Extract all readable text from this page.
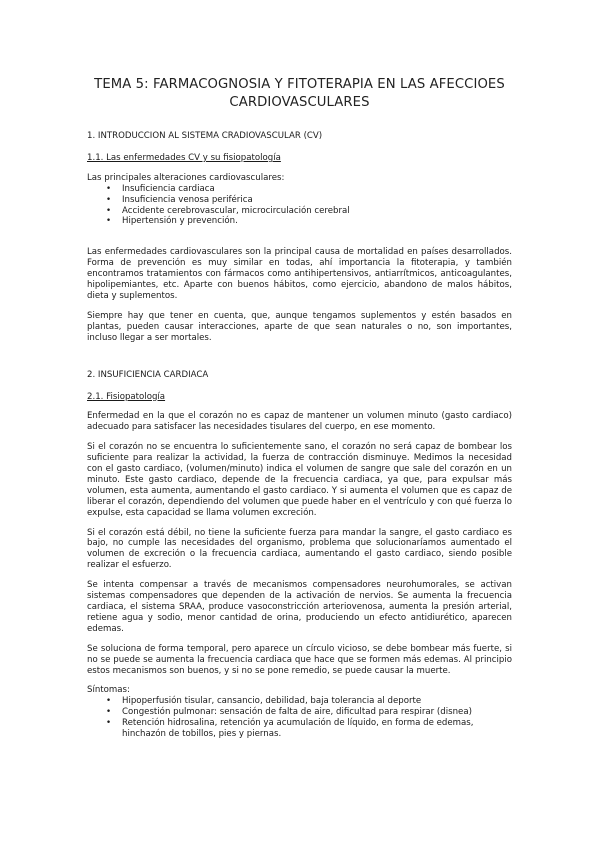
TEMA 5: FARMACOGNOSIA Y FITOTERAPIA EN LAS AFECCIOES
CARDIOVASCULARES
1. INTRODUCCION AL SISTEMA CRADIOVASCULAR (CV)
1.1. Las enfermedades CV y su fisiopatología
Las principales alteraciones cardiovasculares:
• Insuficiencia cardiaca
• Insuficiencia venosa periférica
• Accidente cerebrovascular, microcirculación cerebral
• Hipertensión y prevención.
Las enfermedades cardiovasculares son la principal causa de mortalidad en países desarrollados. Forma de prevención es muy similar en todas, ahí importancia la fitoterapia, y también encontramos tratamientos con fármacos como antihipertensivos, antiarrítmicos, anticoagulantes, hipolipemiantes, etc. Aparte con buenos hábitos, como ejercicio, abandono de malos hábitos, dieta y suplementos.
Siempre hay que tener en cuenta, que, aunque tengamos suplementos y estén basados en plantas, pueden causar interacciones, aparte de que sean naturales o no, son importantes, incluso llegar a ser mortales.
2. INSUFICIENCIA CARDIACA
2.1. Fisiopatología
Enfermedad en la que el corazón no es capaz de mantener un volumen minuto (gasto cardiaco) adecuado para satisfacer las necesidades tisulares del cuerpo, en ese momento.
Si el corazón no se encuentra lo suficientemente sano, el corazón no será capaz de bombear los suficiente para realizar la actividad, la fuerza de contracción disminuye. Medimos la necesidad con el gasto cardiaco, (volumen/minuto) indica el volumen de sangre que sale del corazón en un minuto. Este gasto cardiaco, depende de la frecuencia cardiaca, ya que, para expulsar más volumen, esta aumenta, aumentando el gasto cardiaco. Y si aumenta el volumen que es capaz de liberar el corazón, dependiendo del volumen que puede haber en el ventrículo y con qué fuerza lo expulse, esta capacidad se llama volumen excreción.
Si el corazón está débil, no tiene la suficiente fuerza para mandar la sangre, el gasto cardiaco es bajo, no cumple las necesidades del organismo, problema que solucionaríamos aumentado el volumen de excreción o la frecuencia cardiaca, aumentando el gasto cardiaco, siendo posible realizar el esfuerzo.
Se intenta compensar a través de mecanismos compensadores neurohumorales, se activan sistemas compensadores que dependen de la activación de nervios. Se aumenta la frecuencia cardiaca, el sistema SRAA, produce vasoconstricción arteriovenosa, aumenta la presión arterial, retiene agua y sodio, menor cantidad de orina, produciendo un efecto antidiurético, aparecen edemas.
Se soluciona de forma temporal, pero aparece un círculo vicioso, se debe bombear más fuerte, si no se puede se aumenta la frecuencia cardiaca que hace que se formen más edemas. Al principio estos mecanismos son buenos, y si no se pone remedio, se puede causar la muerte.
Síntomas:
• Hipoperfusión tisular, cansancio, debilidad, baja tolerancia al deporte
• Congestión pulmonar: sensación de falta de aire, dificultad para respirar (disnea)
• Retención hidrosalina, retención ya acumulación de líquido, en forma de edemas, hinchazón de tobillos, pies y piernas.
